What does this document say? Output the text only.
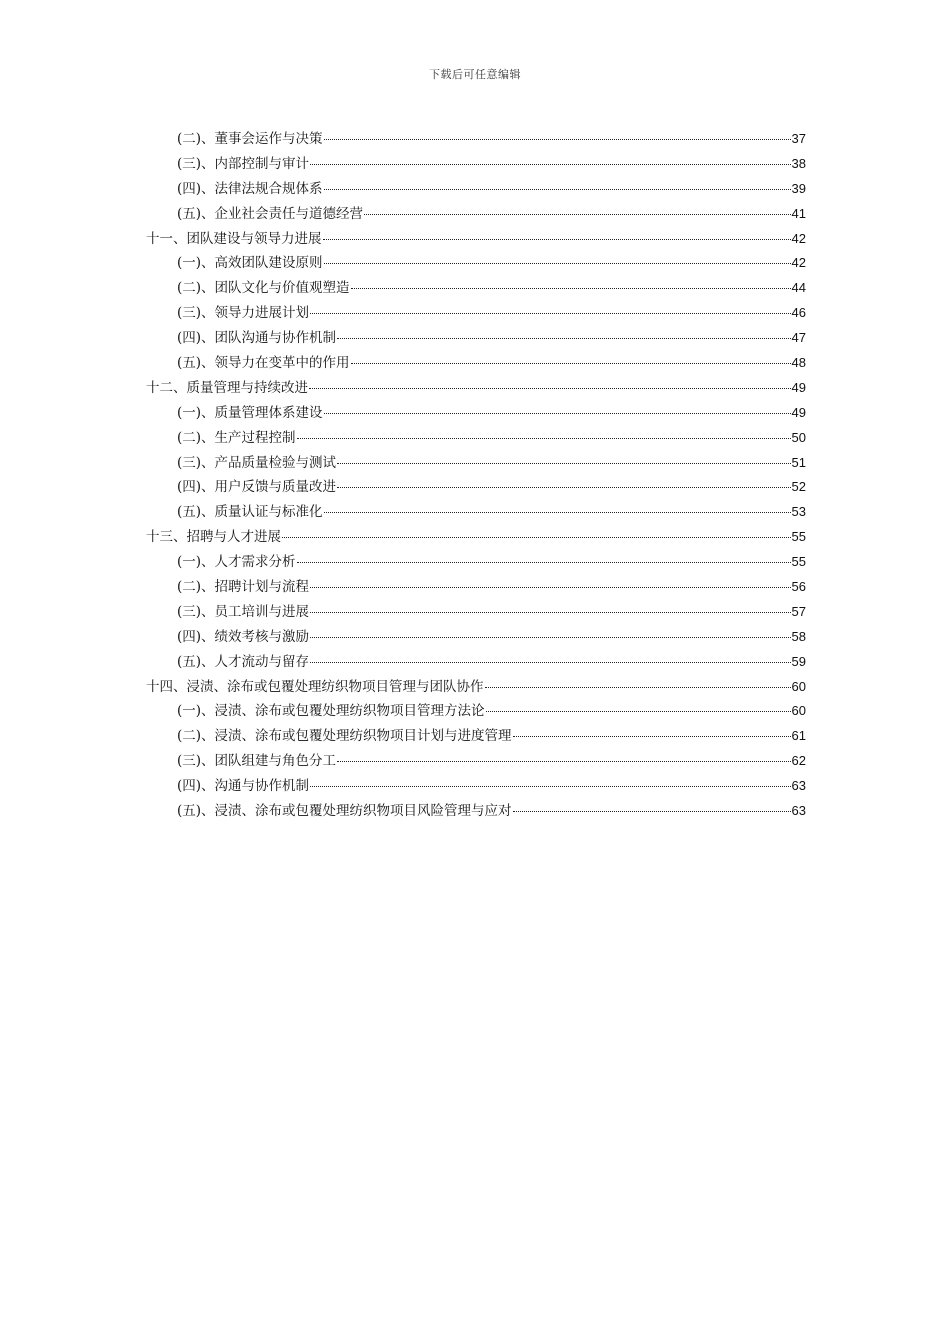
下载后可任意编辑
(二)、董事会运作与决策	37
(三)、内部控制与审计	38
(四)、法律法规合规体系	39
(五)、企业社会责任与道德经营	41
十一、团队建设与领导力进展	42
(一)、高效团队建设原则	42
(二)、团队文化与价值观塑造	44
(三)、领导力进展计划	46
(四)、团队沟通与协作机制	47
(五)、领导力在变革中的作用	48
十二、质量管理与持续改进	49
(一)、质量管理体系建设	49
(二)、生产过程控制	50
(三)、产品质量检验与测试	51
(四)、用户反馈与质量改进	52
(五)、质量认证与标准化	53
十三、招聘与人才进展	55
(一)、人才需求分析	55
(二)、招聘计划与流程	56
(三)、员工培训与进展	57
(四)、绩效考核与激励	58
(五)、人才流动与留存	59
十四、浸渍、涂布或包覆处理纺织物项目管理与团队协作	60
(一)、浸渍、涂布或包覆处理纺织物项目管理方法论	60
(二)、浸渍、涂布或包覆处理纺织物项目计划与进度管理	61
(三)、团队组建与角色分工	62
(四)、沟通与协作机制	63
(五)、浸渍、涂布或包覆处理纺织物项目风险管理与应对	63
